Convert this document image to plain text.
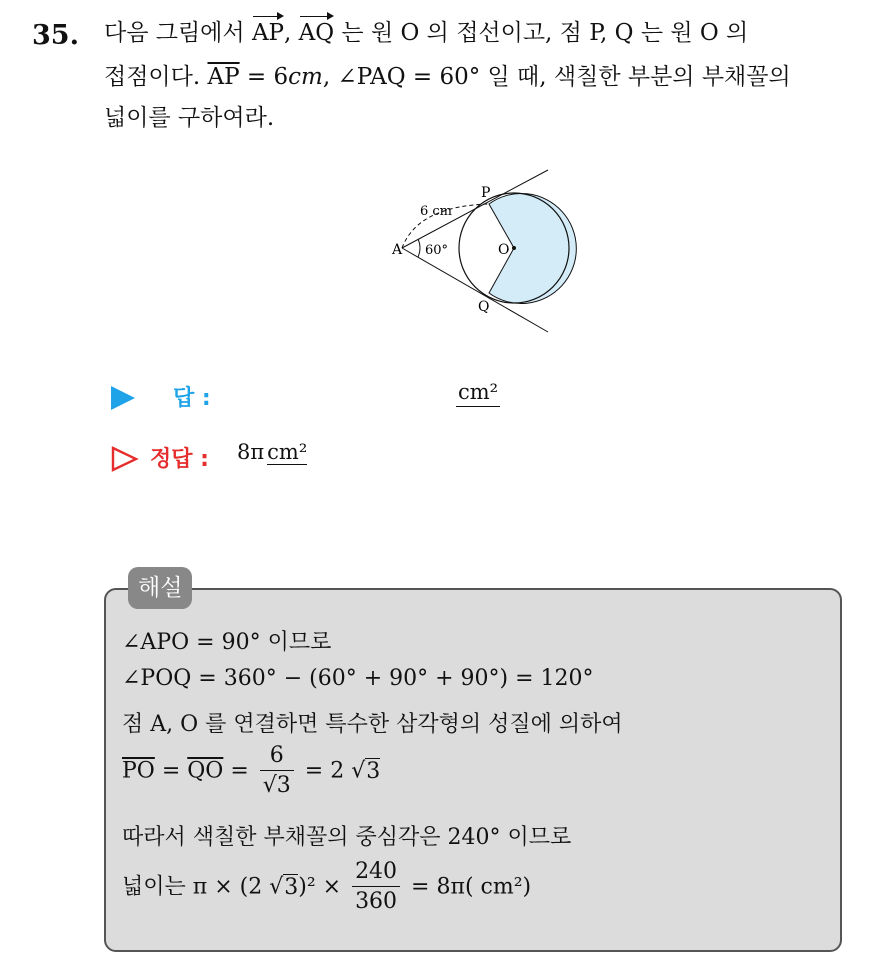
35. 다음 그림에서 AP, AQ 는 원 O 의 접선이고, 점 P, Q 는 원 O 의
접점이다. $\overline{AP} = 6cm$, ∠PAQ = 60° 일 때, 색칠한 부분의 부채꼴의
넓이를 구하여라.
P
Q
A	O
6 cm
60°
답 :	cm²
정답 : 8π cm²
해설
∠APO = 90° 이므로
∠POQ = 360° − (60° + 90° + 90°) = 120°
점 A, O 를 연결하면 특수한 삼각형의 성질에 의하여
$\overline{PO} = \overline{QO} = \frac{6}{√3} = 2$ √3
따라서 색칠한 부채꼴의 중심각은 240° 이므로
넓이는 π × (2 $√3)^2 \times \frac{240}{360} = 8\pi$( cm²)
